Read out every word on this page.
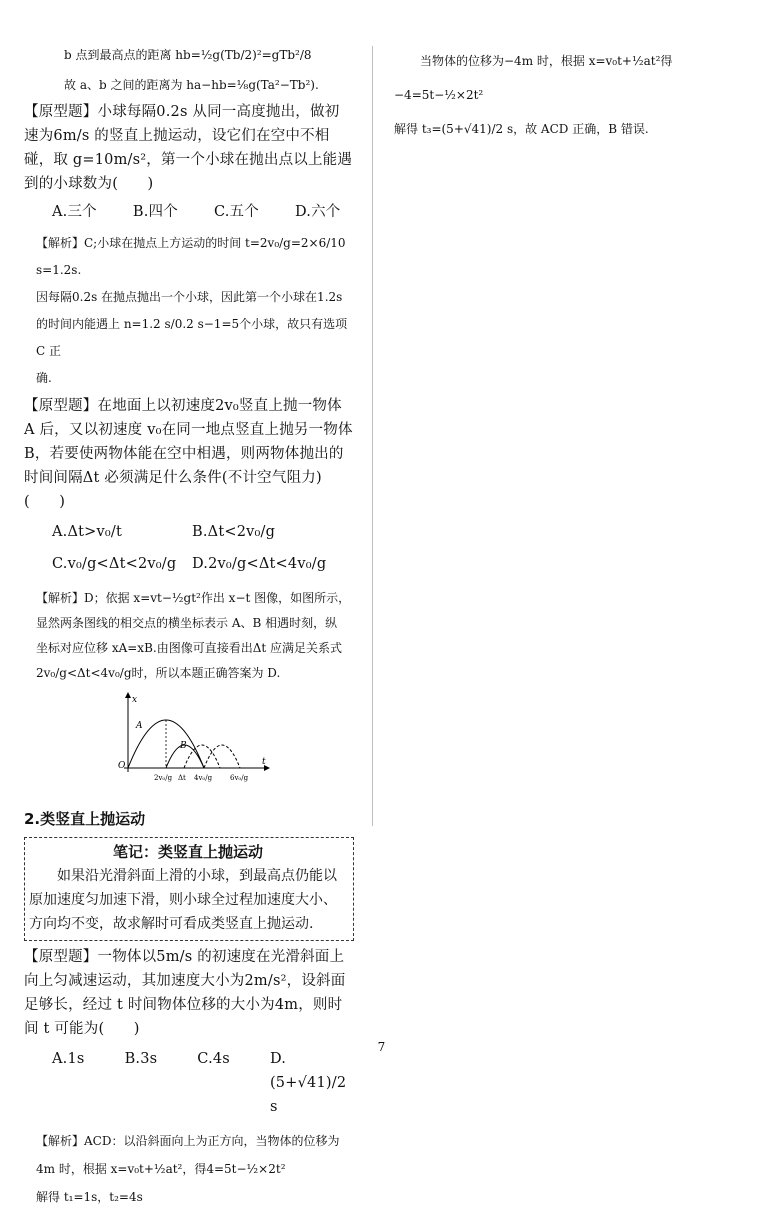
b 点到最高点的距离 hb=½g(Tb/2)²=gTb²/8

故 a、b 之间的距离为 ha−hb=⅛g(Ta²−Tb²).

【原型题】小球每隔0.2s 从同一高度抛出，做初速为6m/s 的竖直上抛运动，设它们在空中不相碰，取 g=10m/s²，第一个小球在抛出点以上能遇到的小球数为(　　)

A.三个 B.四个 C.五个 D.六个
【解析】C;小球在抛点上方运动的时间 t=2v₀/g=2×6/10 s=1.2s.
因每隔0.2s 在抛点抛出一个小球，因此第一个小球在1.2s
的时间内能遇上 n=1.2 s/0.2 s−1=5个小球，故只有选项C 正
确.

【原型题】在地面上以初速度2v₀竖直上抛一物体 A 后，又以初速度 v₀在同一地点竖直上抛另一物体 B，若要使两物体能在空中相遇，则两物体抛出的时间间隔Δt 必须满足什么条件(不计空气阻力)(　　)

A.Δt>v₀/t	B.Δt<2v₀/g
C.v₀/g<Δt<2v₀/g	D.2v₀/g<Δt<4v₀/g
【解析】D；依据 x=vt−½gt²作出 x−t 图像，如图所示，
显然两条图线的相交点的横坐标表示 A、B 相遇时刻，纵
坐标对应位移 xA=xB.由图像可直接看出Δt 应满足关系式
2v₀/g<Δt<4v₀/g时，所以本题正确答案为 D.
x
t
O
A
B
2v₀/g Δt 4v₀/g	6v₀/g
2.类竖直上抛运动
笔记：类竖直上抛运动

如果沿光滑斜面上滑的小球，到最高点仍能以原加速度匀加速下滑，则小球全过程加速度大小、方向均不变，故求解时可看成类竖直上抛运动.

【原型题】一物体以5m/s 的初速度在光滑斜面上向上匀减速运动，其加速度大小为2m/s²，设斜面足够长，经过 t 时间物体位移的大小为4m，则时间 t 可能为(　　)

A.1s	B.3s	C.4s	D.(5+√41)/2 s
【解析】ACD：以沿斜面向上为正方向，当物体的位移为
4m 时，根据 x=v₀t+½at²，得4=5t−½×2t²
解得 t₁=1s，t₂=4s
当物体的位移为−4m 时，根据 x=v₀t+½at²得
−4=5t−½×2t²
解得 t₃=(5+√41)/2 s，故 ACD 正确，B 错误.
7
